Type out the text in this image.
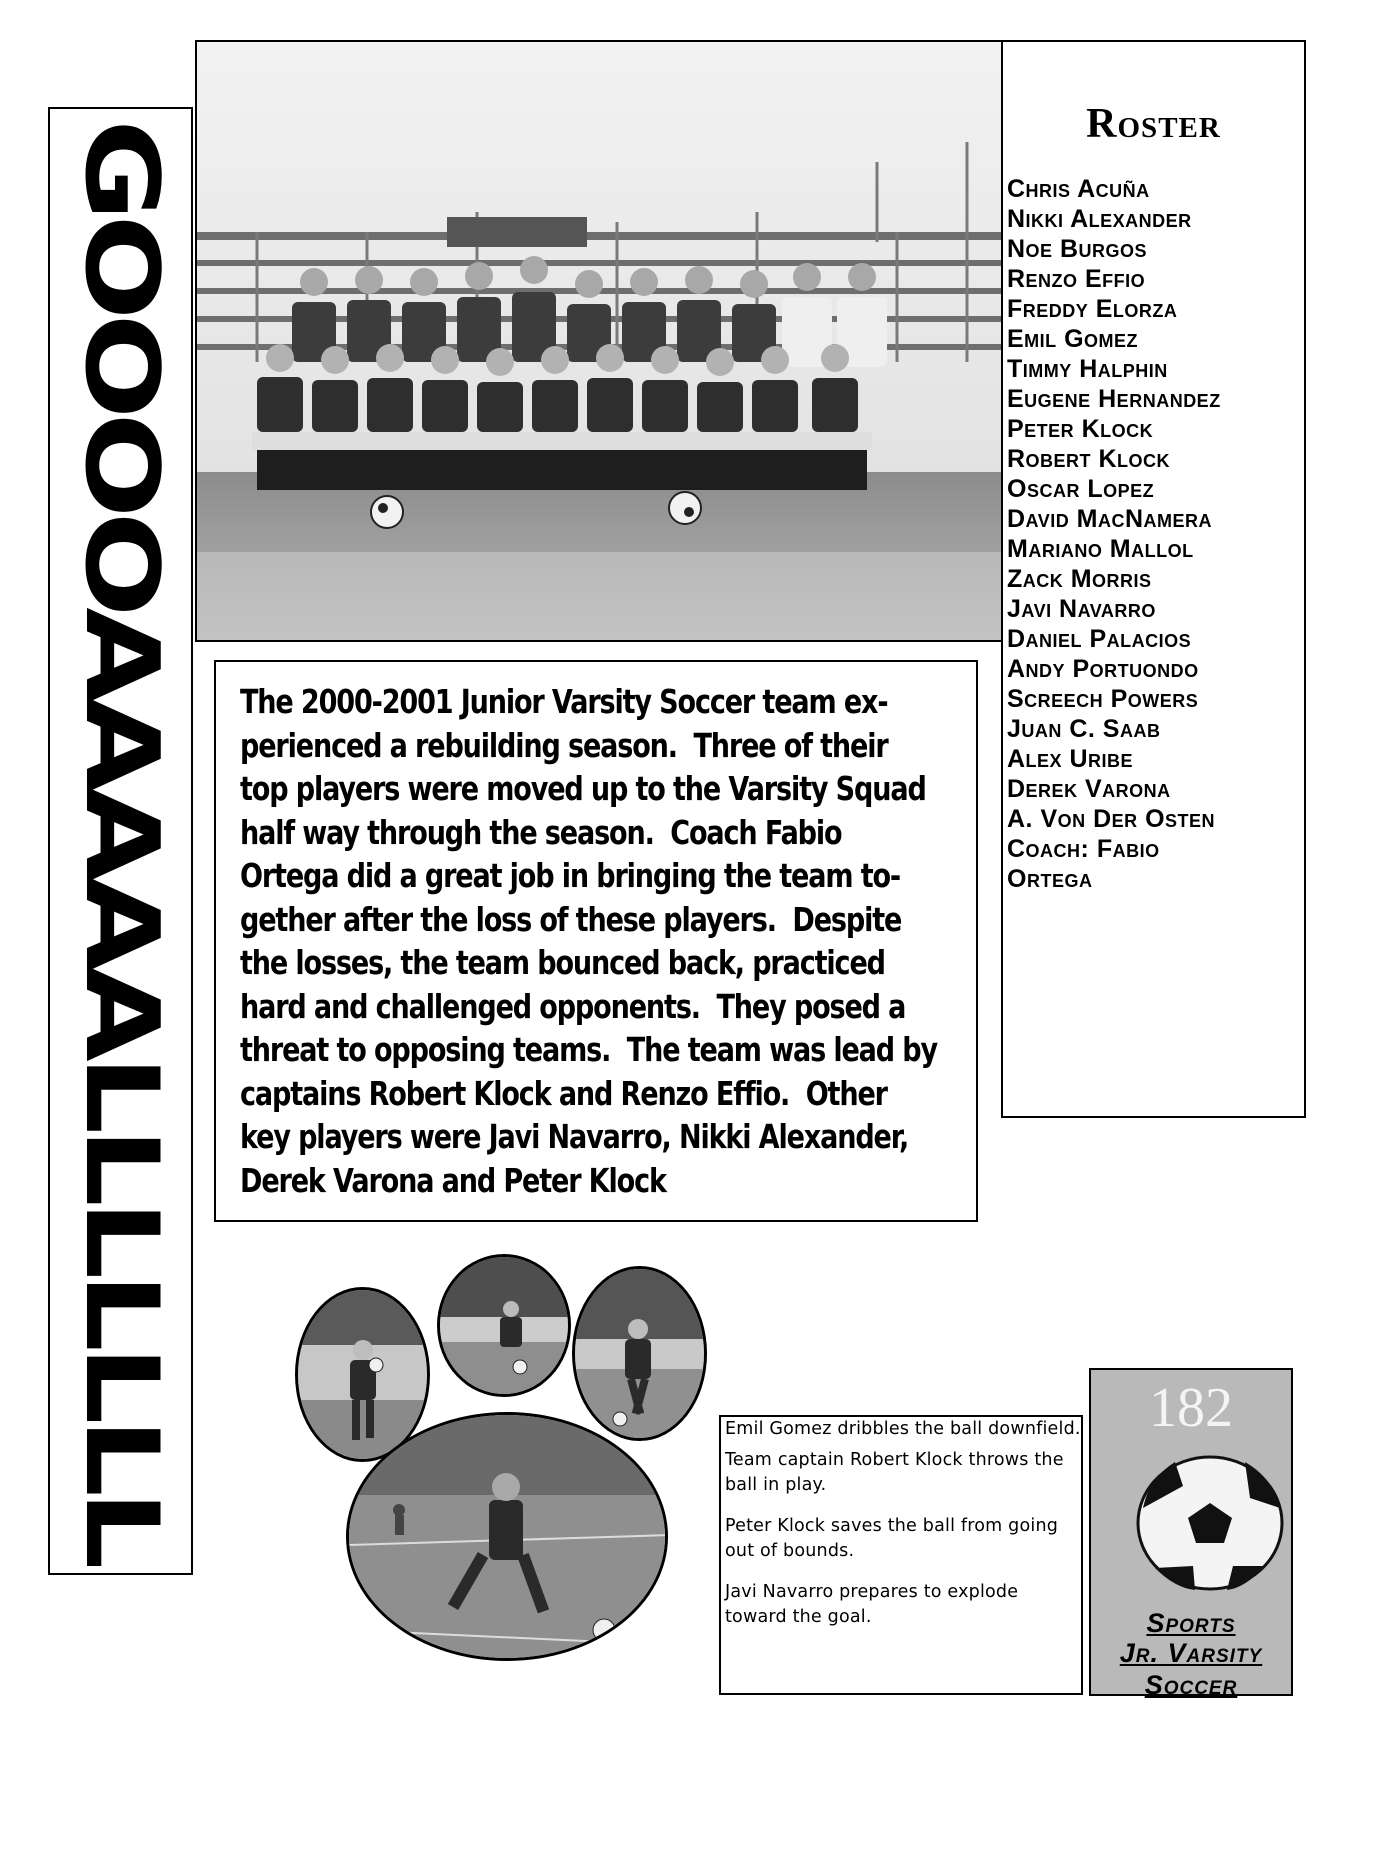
GOOOOAAAAALLLLLLL	Roster
Chris Acuña
Nikki Alexander
Noe Burgos
Renzo Effio
Freddy Elorza
Emil Gomez
Timmy Halphin
Eugene Hernandez
Peter Klock
Robert Klock
Oscar Lopez
David MacNamera
Mariano Mallol
Zack Morris
Javi Navarro
Daniel Palacios
Andy Portuondo
Screech Powers
Juan C. Saab
Alex Uribe
Derek Varona
A. Von Der Osten
Coach: Fabio
Ortega
The 2000-2001 Junior Varsity Soccer team ex-
perienced a rebuilding season.  Three of their
top players were moved up to the Varsity Squad
half way through the season.  Coach Fabio
Ortega did a great job in bringing the team to-
gether after the loss of these players.  Despite
the losses, the team bounced back, practiced
hard and challenged opponents.  They posed a
threat to opposing teams.  The team was lead by
captains Robert Klock and Renzo Effio.  Other
key players were Javi Navarro, Nikki Alexander,
Derek Varona and Peter Klock

Emil Gomez dribbles the ball downfield.

Team captain Robert Klock throws the ball in play.

Peter Klock saves the ball from going out of bounds.

Javi Navarro prepares to explode toward the goal.

182
Sports
Jr. Varsity
Soccer
